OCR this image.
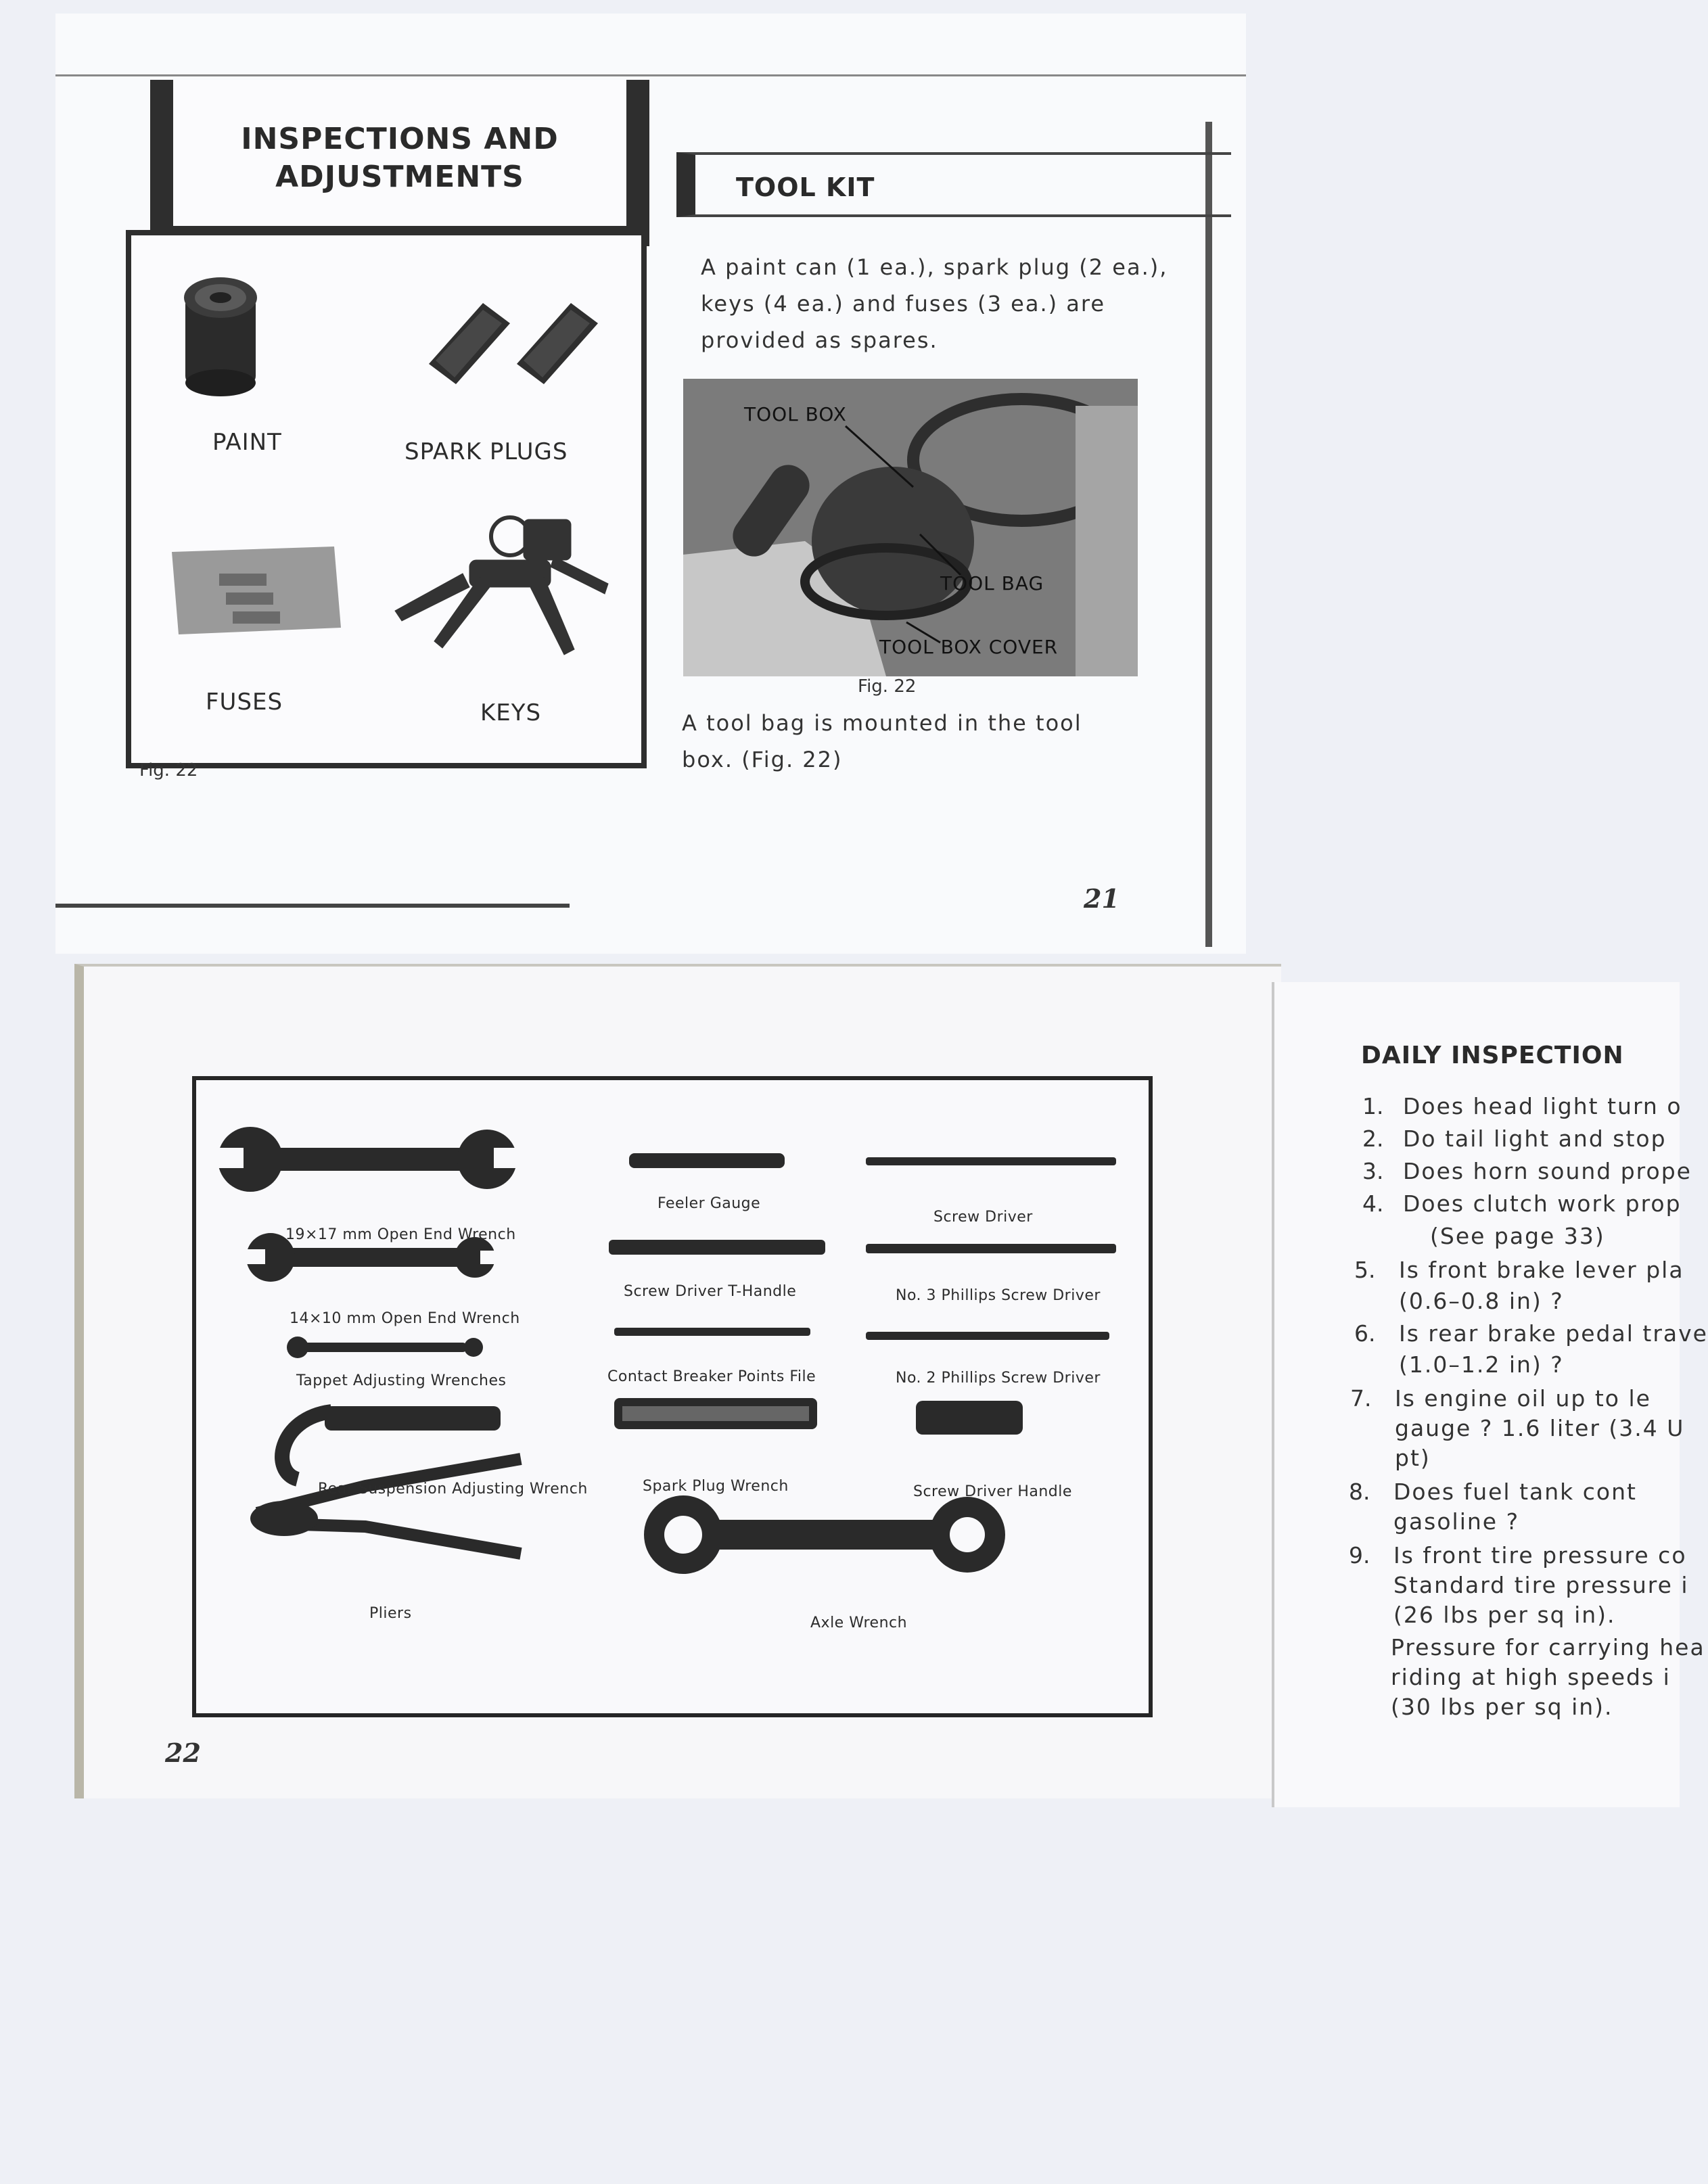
INSPECTIONS AND
ADJUSTMENTS
PAINT	SPARK PLUGS
FUSES	KEYS
Fig. 22
TOOL KIT
A paint can (1 ea.), spark plug (2 ea.),
keys (4 ea.) and fuses (3 ea.) are
provided as spares.
TOOL BOX
TOOL BAG
TOOL BOX COVER
Fig. 22
A tool bag is mounted in the tool
box. (Fig. 22)
21
19×17 mm Open End Wrench
14×10 mm Open End Wrench
Tappet Adjusting Wrenches
Rear Suspension Adjusting Wrench
Pliers
Feeler Gauge
Screw Driver T-Handle
Contact Breaker Points File
Spark Plug Wrench
Axle Wrench
Screw Driver
No. 3 Phillips Screw Driver
No. 2 Phillips Screw Driver
Screw Driver Handle
22
DAILY INSPECTION
1. Does head light turn o
2. Do tail light and stop
3. Does horn sound prope
4. Does clutch work prop
(See page 33)
5. Is front brake lever pla
(0.6–0.8 in) ?
6. Is rear brake pedal trave
(1.0–1.2 in) ?
7. Is engine oil up to le
gauge ? 1.6 liter (3.4 U
pt)
8. Does fuel tank cont
gasoline ?
9. Is front tire pressure co
Standard tire pressure i
(26 lbs per sq in).
Pressure for carrying hea
riding at high speeds i
(30 lbs per sq in).
